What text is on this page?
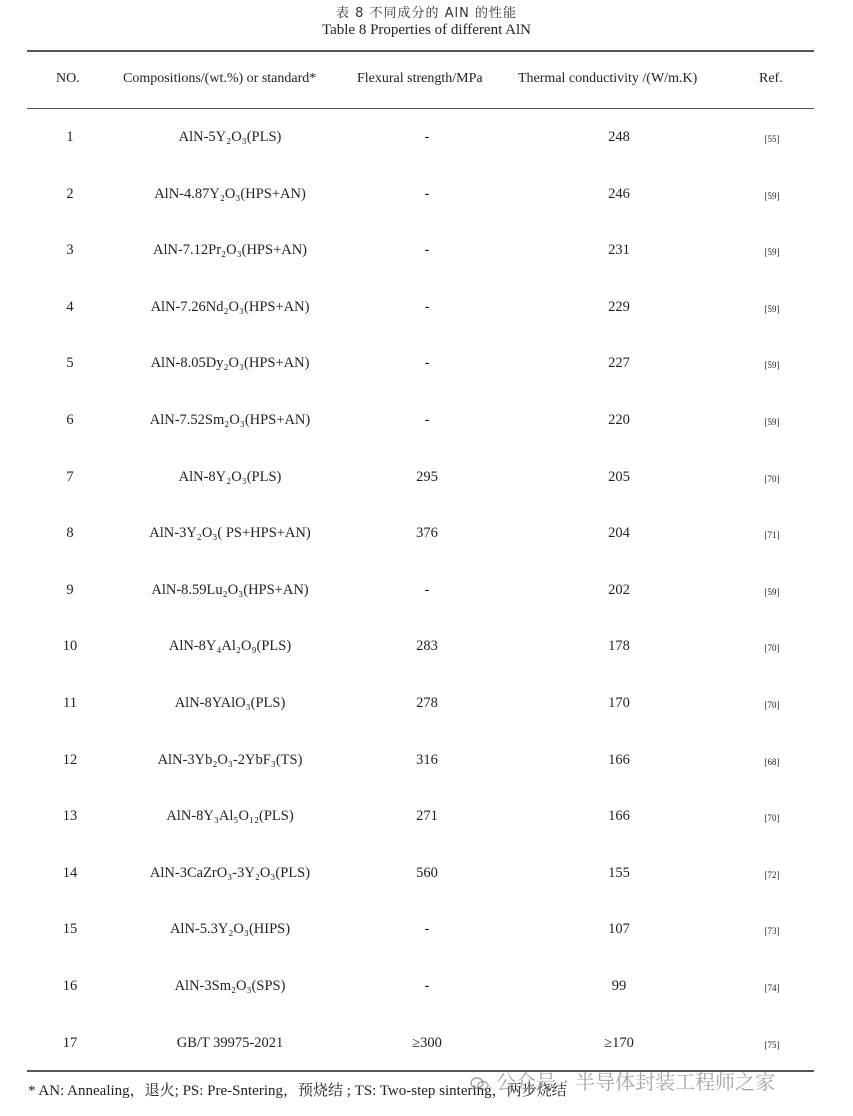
表 8 不同成分的 AlN 的性能
Table 8 Properties of different AlN
NO.	Compositions/(wt.%) or standard*	Flexural strength/MPa	Thermal conductivity /(W/m.K)	Ref.
1	AlN-5Y₂O₃(PLS)	-	248	[55]
2	AlN-4.87Y₂O₃(HPS+AN)	-	246	[59]
3	AlN-7.12Pr₂O₃(HPS+AN)	-	231	[59]
4	AlN-7.26Nd₂O₃(HPS+AN)	-	229	[59]
5	AlN-8.05Dy₂O₃(HPS+AN)	-	227	[59]
6	AlN-7.52Sm₂O₃(HPS+AN)	-	220	[59]
7	AlN-8Y₂O₃(PLS)	295	205	[70]
8	AlN-3Y₂O₃( PS+HPS+AN)	376	204	[71]
9	AlN-8.59Lu₂O₃(HPS+AN)	-	202	[59]
10	AlN-8Y₄Al₂O₉(PLS)	283	178	[70]
11	AlN-8YAlO₃(PLS)	278	170	[70]
12	AlN-3Yb₂O₃-2YbF₃(TS)	316	166	[68]
13	AlN-8Y₃Al₅O₁₂(PLS)	271	166	[70]
14	AlN-3CaZrO₃-3Y₂O₃(PLS)	560	155	[72]
15	AlN-5.3Y₂O₃(HIPS)	-	107	[73]
16	AlN-3Sm₂O₃(SPS)	-	99	[74]
17	GB/T 39975-2021	≥300	≥170	[75]
* AN: Annealing，退火; PS: Pre-Sntering，预烧结 ; TS: Two-step sintering，两步烧结
公众号 · 半导体封装工程师之家
